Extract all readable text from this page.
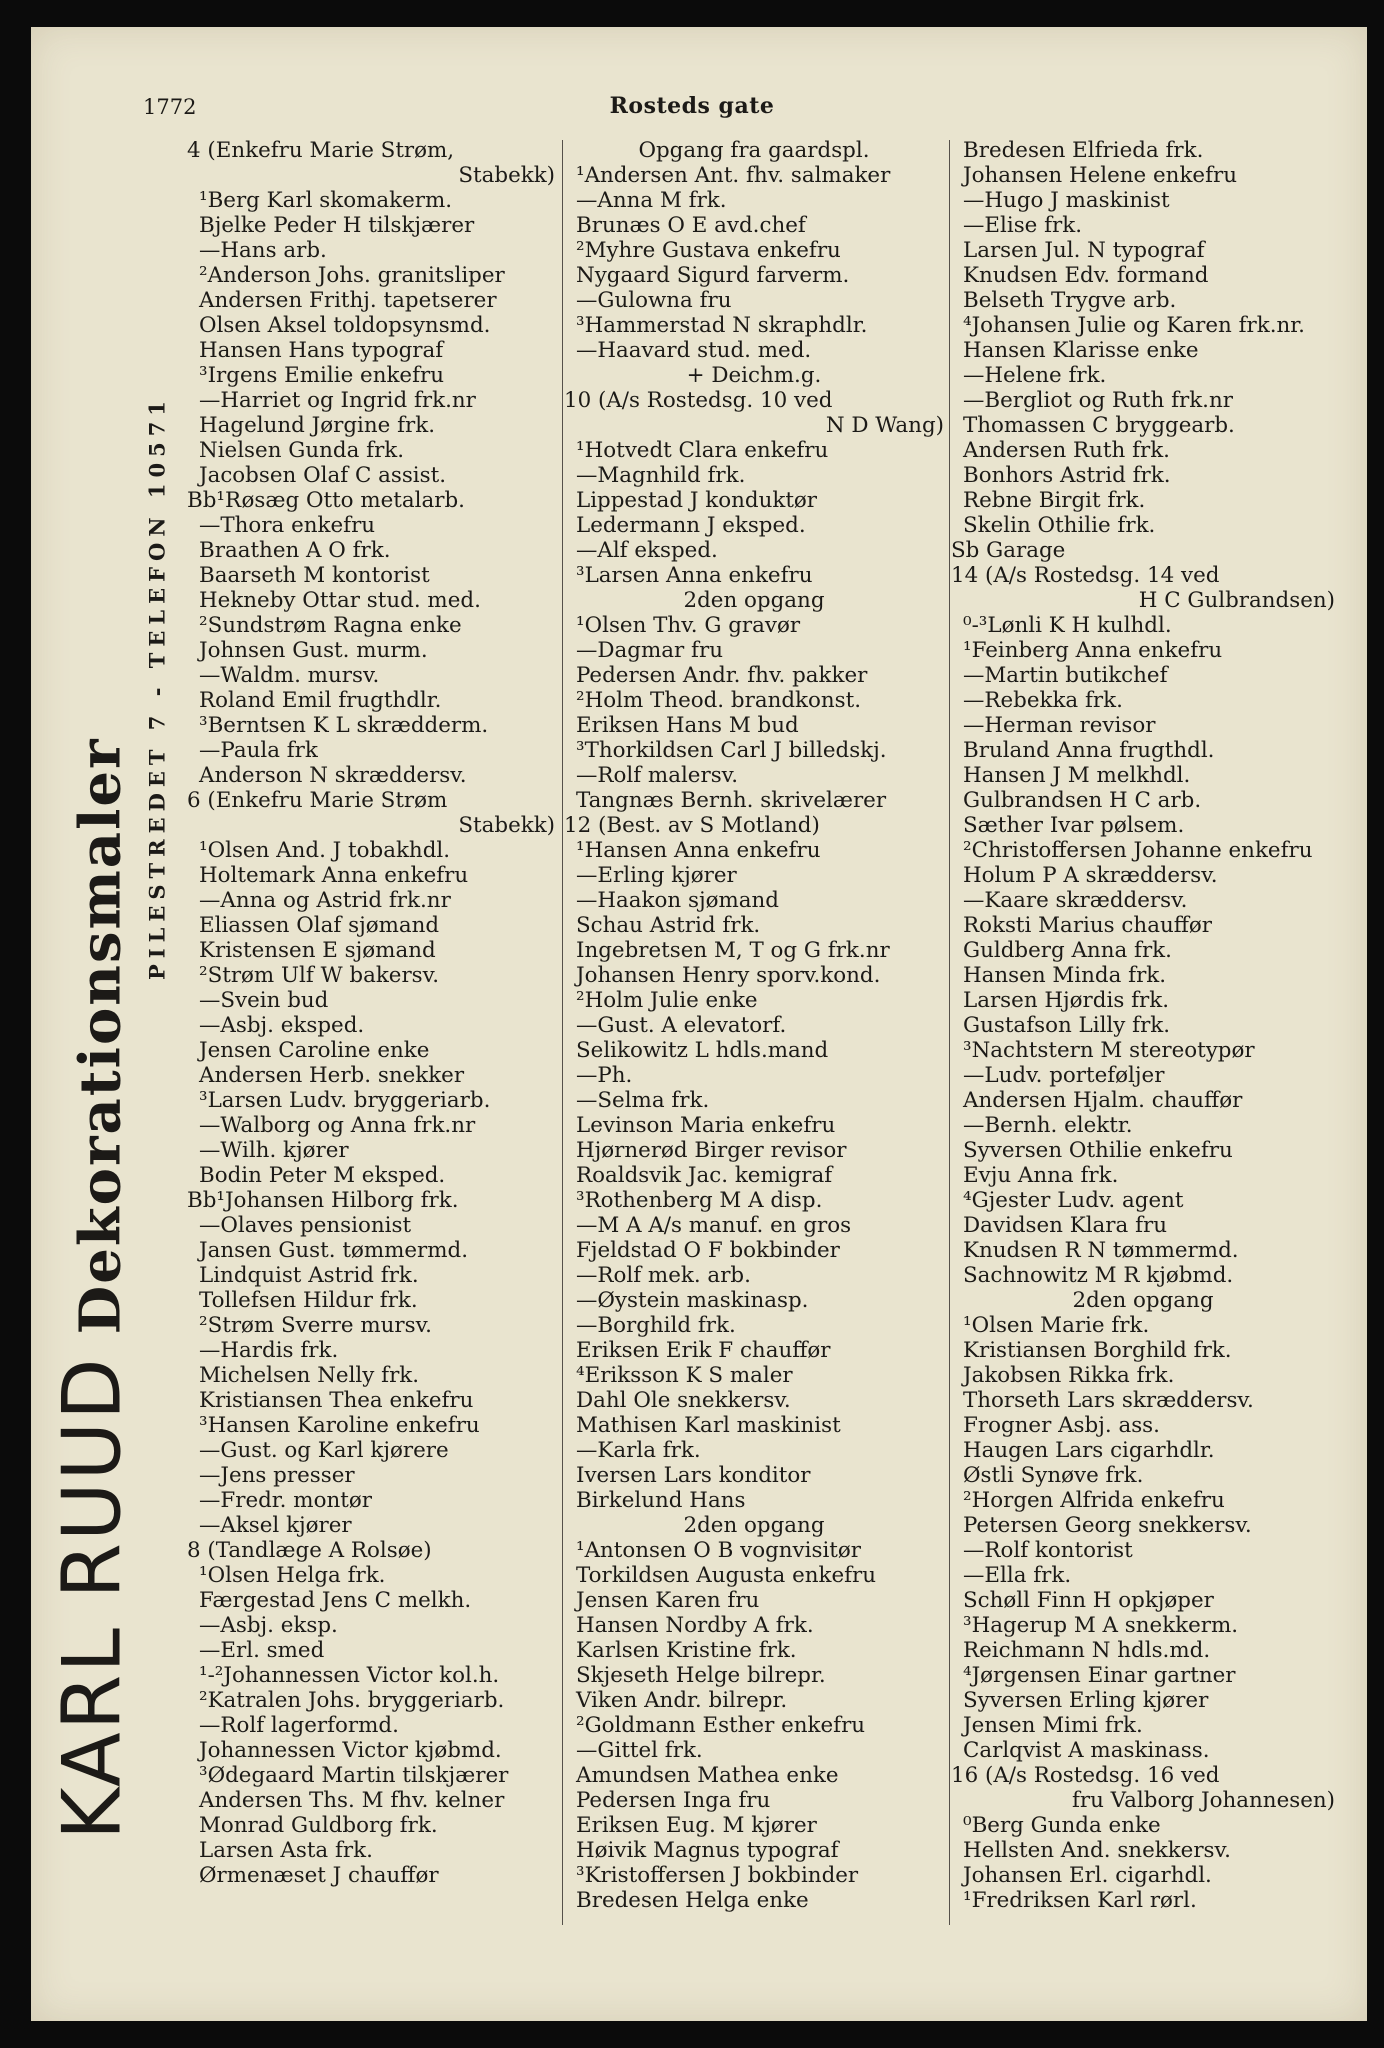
1772	Rosteds gate
KARL RUUDDekorationsmaler
PILESTREDET 7 - TELEFON 10571
4 (Enkefru Marie Strøm,
Stabekk)
¹Berg Karl skomakerm.
Bjelke Peder H tilskjærer
—Hans arb.
²Anderson Johs. granitsliper
Andersen Frithj. tapetserer
Olsen Aksel toldopsynsmd.
Hansen Hans typograf
³Irgens Emilie enkefru
—Harriet og Ingrid frk.nr
Hagelund Jørgine frk.
Nielsen Gunda frk.
Jacobsen Olaf C assist.
Bb¹Røsæg Otto metalarb.
—Thora enkefru
Braathen A O frk.
Baarseth M kontorist
Hekneby Ottar stud. med.
²Sundstrøm Ragna enke
Johnsen Gust. murm.
—Waldm. mursv.
Roland Emil frugthdlr.
³Berntsen K L skrædderm.
—Paula frk
Anderson N skræddersv.
6 (Enkefru Marie Strøm
Stabekk)
¹Olsen And. J tobakhdl.
Holtemark Anna enkefru
—Anna og Astrid frk.nr
Eliassen Olaf sjømand
Kristensen E sjømand
²Strøm Ulf W bakersv.
—Svein bud
—Asbj. eksped.
Jensen Caroline enke
Andersen Herb. snekker
³Larsen Ludv. bryggeriarb.
—Walborg og Anna frk.nr
—Wilh. kjører
Bodin Peter M eksped.
Bb¹Johansen Hilborg frk.
—Olaves pensionist
Jansen Gust. tømmermd.
Lindquist Astrid frk.
Tollefsen Hildur frk.
²Strøm Sverre mursv.
—Hardis frk.
Michelsen Nelly frk.
Kristiansen Thea enkefru
³Hansen Karoline enkefru
—Gust. og Karl kjørere
—Jens presser
—Fredr. montør
—Aksel kjører
8 (Tandlæge A Rolsøe)
¹Olsen Helga frk.
Færgestad Jens C melkh.
—Asbj. eksp.
—Erl. smed
¹-²Johannessen Victor kol.h.
²Katralen Johs. bryggeriarb.
—Rolf lagerformd.
Johannessen Victor kjøbmd.
³Ødegaard Martin tilskjærer
Andersen Ths. M fhv. kelner
Monrad Guldborg frk.
Larsen Asta frk.
Ørmenæset J chauffør
Opgang fra gaardspl.
¹Andersen Ant. fhv. salmaker
—Anna M frk.
Brunæs O E avd.chef
²Myhre Gustava enkefru
Nygaard Sigurd farverm.
—Gulowna fru
³Hammerstad N skraphdlr.
—Haavard stud. med.
+ Deichm.g.
10 (A/s Rostedsg. 10 ved
N D Wang)
¹Hotvedt Clara enkefru
—Magnhild frk.
Lippestad J konduktør
Ledermann J eksped.
—Alf eksped.
³Larsen Anna enkefru
2den opgang
¹Olsen Thv. G gravør
—Dagmar fru
Pedersen Andr. fhv. pakker
²Holm Theod. brandkonst.
Eriksen Hans M bud
³Thorkildsen Carl J billedskj.
—Rolf malersv.
Tangnæs Bernh. skrivelærer
12 (Best. av S Motland)
¹Hansen Anna enkefru
—Erling kjører
—Haakon sjømand
Schau Astrid frk.
Ingebretsen M, T og G frk.nr
Johansen Henry sporv.kond.
²Holm Julie enke
—Gust. A elevatorf.
Selikowitz L hdls.mand
—Ph.
—Selma frk.
Levinson Maria enkefru
Hjørnerød Birger revisor
Roaldsvik Jac. kemigraf
³Rothenberg M A disp.
—M A A/s manuf. en gros
Fjeldstad O F bokbinder
—Rolf mek. arb.
—Øystein maskinasp.
—Borghild frk.
Eriksen Erik F chauffør
⁴Eriksson K S maler
Dahl Ole snekkersv.
Mathisen Karl maskinist
—Karla frk.
Iversen Lars konditor
Birkelund Hans
2den opgang
¹Antonsen O B vognvisitør
Torkildsen Augusta enkefru
Jensen Karen fru
Hansen Nordby A frk.
Karlsen Kristine frk.
Skjeseth Helge bilrepr.
Viken Andr. bilrepr.
²Goldmann Esther enkefru
—Gittel frk.
Amundsen Mathea enke
Pedersen Inga fru
Eriksen Eug. M kjører
Høivik Magnus typograf
³Kristoffersen J bokbinder
Bredesen Helga enke
Bredesen Elfrieda frk.
Johansen Helene enkefru
—Hugo J maskinist
—Elise frk.
Larsen Jul. N typograf
Knudsen Edv. formand
Belseth Trygve arb.
⁴Johansen Julie og Karen frk.nr.
Hansen Klarisse enke
—Helene frk.
—Bergliot og Ruth frk.nr
Thomassen C bryggearb.
Andersen Ruth frk.
Bonhors Astrid frk.
Rebne Birgit frk.
Skelin Othilie frk.
Sb Garage
14 (A/s Rostedsg. 14 ved
H C Gulbrandsen)
⁰-³Lønli K H kulhdl.
¹Feinberg Anna enkefru
—Martin butikchef
—Rebekka frk.
—Herman revisor
Bruland Anna frugthdl.
Hansen J M melkhdl.
Gulbrandsen H C arb.
Sæther Ivar pølsem.
²Christoffersen Johanne enkefru
Holum P A skræddersv.
—Kaare skræddersv.
Roksti Marius chauffør
Guldberg Anna frk.
Hansen Minda frk.
Larsen Hjørdis frk.
Gustafson Lilly frk.
³Nachtstern M stereotypør
—Ludv. porteføljer
Andersen Hjalm. chauffør
—Bernh. elektr.
Syversen Othilie enkefru
Evju Anna frk.
⁴Gjester Ludv. agent
Davidsen Klara fru
Knudsen R N tømmermd.
Sachnowitz M R kjøbmd.
2den opgang
¹Olsen Marie frk.
Kristiansen Borghild frk.
Jakobsen Rikka frk.
Thorseth Lars skræddersv.
Frogner Asbj. ass.
Haugen Lars cigarhdlr.
Østli Synøve frk.
²Horgen Alfrida enkefru
Petersen Georg snekkersv.
—Rolf kontorist
—Ella frk.
Schøll Finn H opkjøper
³Hagerup M A snekkerm.
Reichmann N hdls.md.
⁴Jørgensen Einar gartner
Syversen Erling kjører
Jensen Mimi frk.
Carlqvist A maskinass.
16 (A/s Rostedsg. 16 ved
fru Valborg Johannesen)
⁰Berg Gunda enke
Hellsten And. snekkersv.
Johansen Erl. cigarhdl.
¹Fredriksen Karl rørl.
